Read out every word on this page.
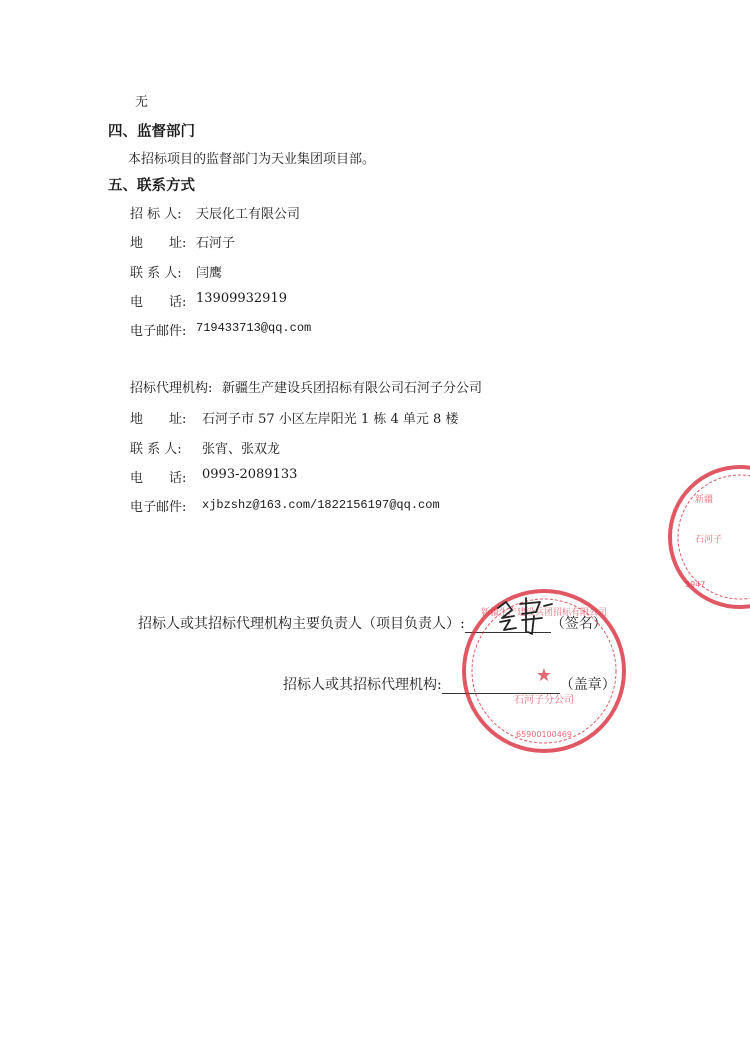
无
四、监督部门
本招标项目的监督部门为天业集团项目部。
五、联系方式
招 标 人: 天辰化工有限公司
地　　址: 石河子
联 系 人: 闫鹰
电　　话: 13909932919
电子邮件: 719433713@qq.com
招标代理机构: 新疆生产建设兵团招标有限公司石河子分公司
地　　址: 石河子市 57 小区左岸阳光 1 栋 4 单元 8 楼
联 系 人: 张宵、张双龙
电　　话: 0993-2089133
电子邮件: xjbzshz@163.com/1822156197@qq.com
招标人或其招标代理机构主要负责人（项目负责人）:	（签名）
招标人或其招标代理机构:	（盖章）
新疆生产建设兵团招标有限公司
★
石河子分公司
65900100469
新疆
石河子
5947
